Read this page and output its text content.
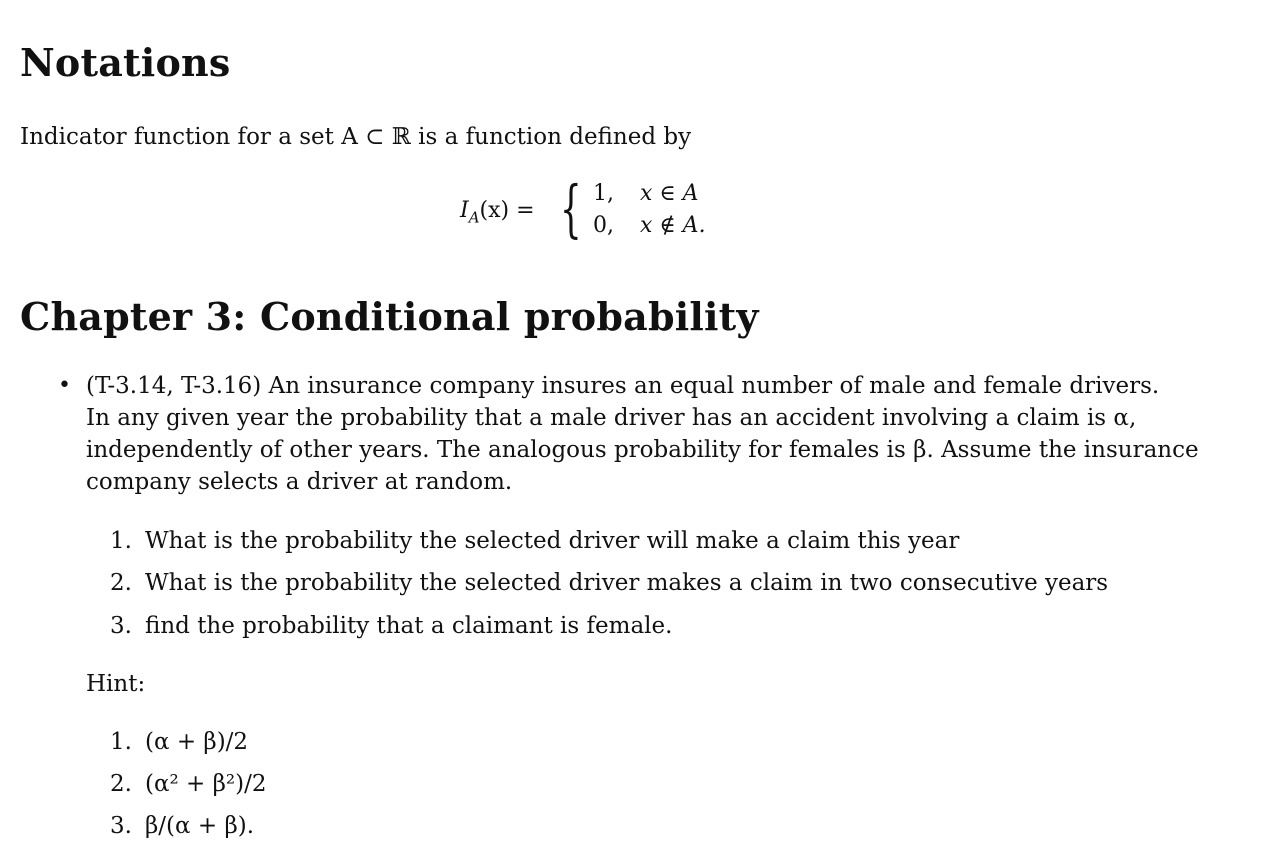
Notations
Indicator function for a set A ⊂ ℝ is a function defined by
$I_A(x)$ = { 1, x ∈ A
0, x ∉ A.
Chapter 3: Conditional probability
• (T-3.14, T-3.16) An insurance company insures an equal number of male and female drivers.
In any given year the probability that a male driver has an accident involving a claim is α,
independently of other years. The analogous probability for females is β. Assume the insurance
company selects a driver at random.
1. What is the probability the selected driver will make a claim this year
2. What is the probability the selected driver makes a claim in two consecutive years
3. find the probability that a claimant is female.
Hint:
1. (α + β)/2
2. (α² + β²)/2
3. β/(α + β).
